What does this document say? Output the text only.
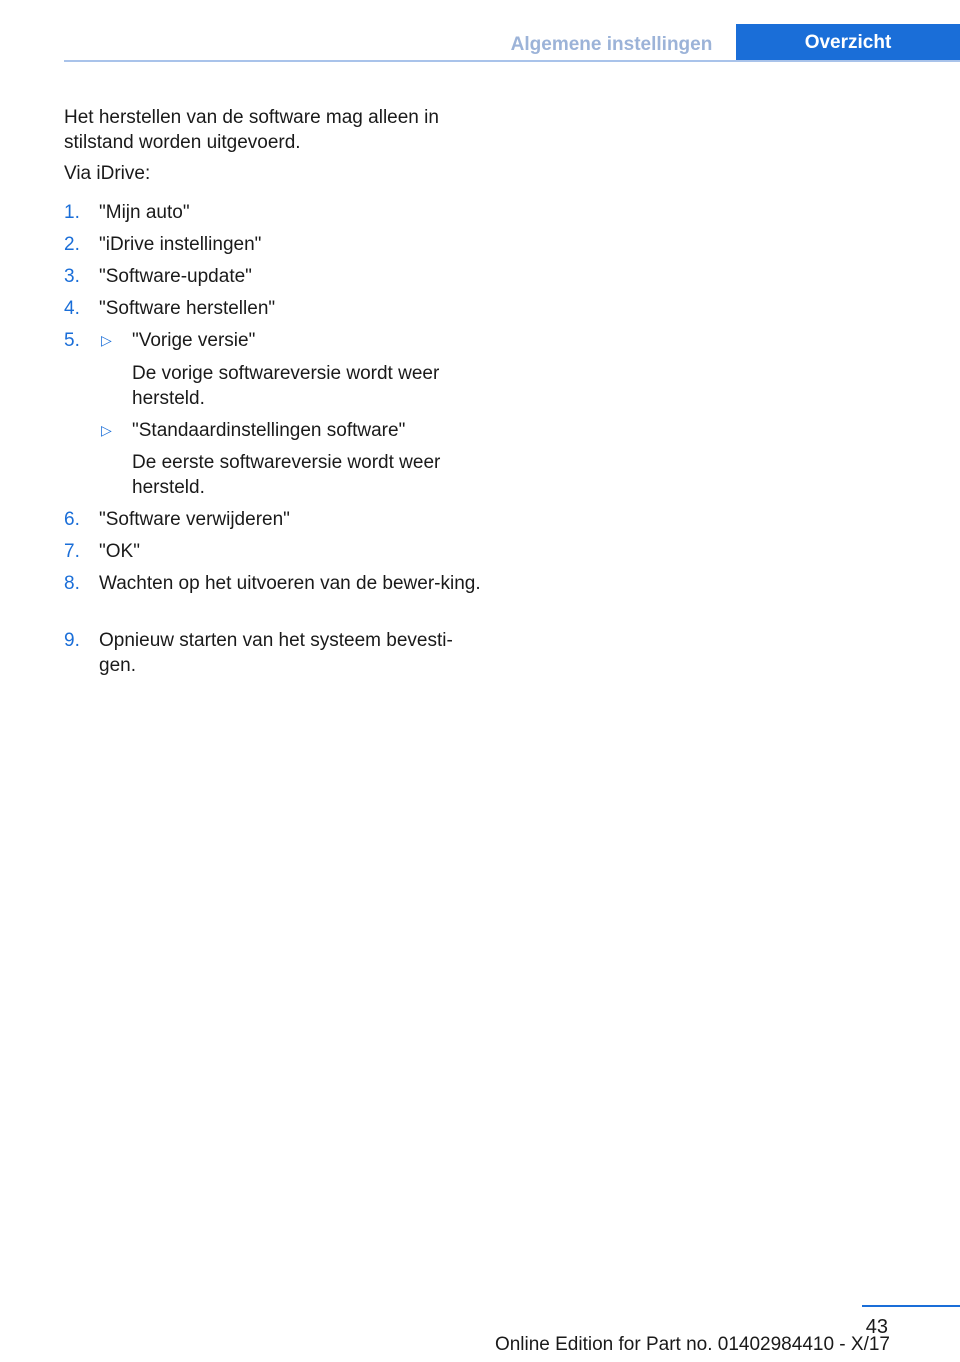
Algemene instellingen	Overzicht
Het herstellen van de software mag alleen in stilstand worden uitgevoerd.
Via iDrive:
1.	"Mijn auto"
2.	"iDrive instellingen"
3.	"Software-update"
4.	"Software herstellen"
5.	▷ "Vorige versie"
De vorige softwareversie wordt weer hersteld.
▷ "Standaardinstellingen software"
De eerste softwareversie wordt weer hersteld.
6.	"Software verwijderen"
7.	"OK"
8.	Wachten op het uitvoeren van de bewer-king.
9.	Opnieuw starten van het systeem bevesti-gen.
43
Online Edition for Part no. 01402984410 - X/17
